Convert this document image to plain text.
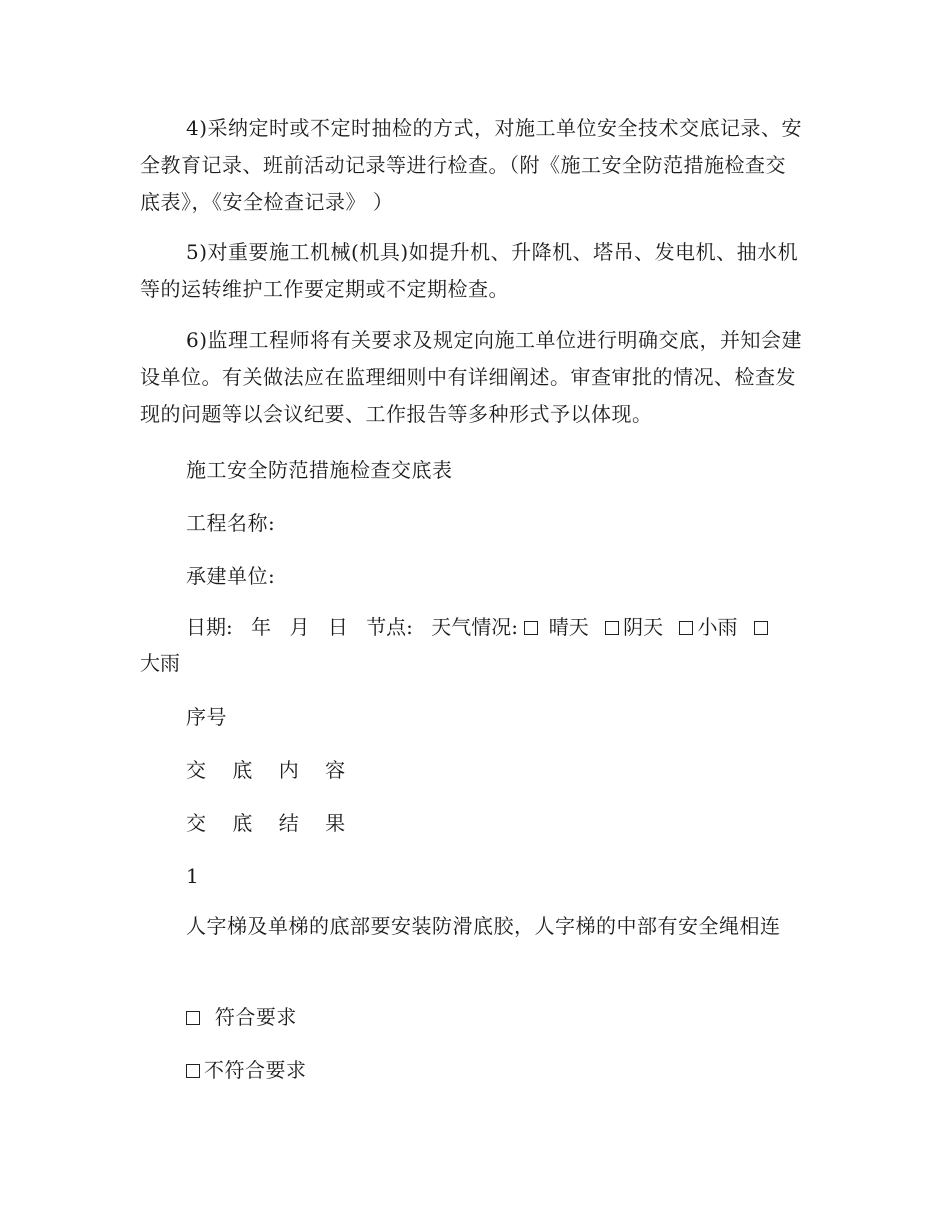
4)采纳定时或不定时抽检的方式，对施工单位安全技术交底记录、安全教育记录、班前活动记录等进行检查。（附《施工安全防范措施检查交底表》，《安全检查记录》 ）

5)对重要施工机械(机具)如提升机、升降机、塔吊、发电机、抽水机等的运转维护工作要定期或不定期检查。

6)监理工程师将有关要求及规定向施工单位进行明确交底，并知会建设单位。有关做法应在监理细则中有详细阐述。审查审批的情况、检查发现的问题等以会议纪要、工作报告等多种形式予以体现。

施工安全防范措施检查交底表

工程名称:

承建单位:

日期: 年 月 日 节点: 天气情况: 晴天 阴天 小雨
大雨

序号

交 底 内 容

交 底 结 果

1

人字梯及单梯的底部要安装防滑底胶，人字梯的中部有安全绳相连

符合要求

不符合要求
